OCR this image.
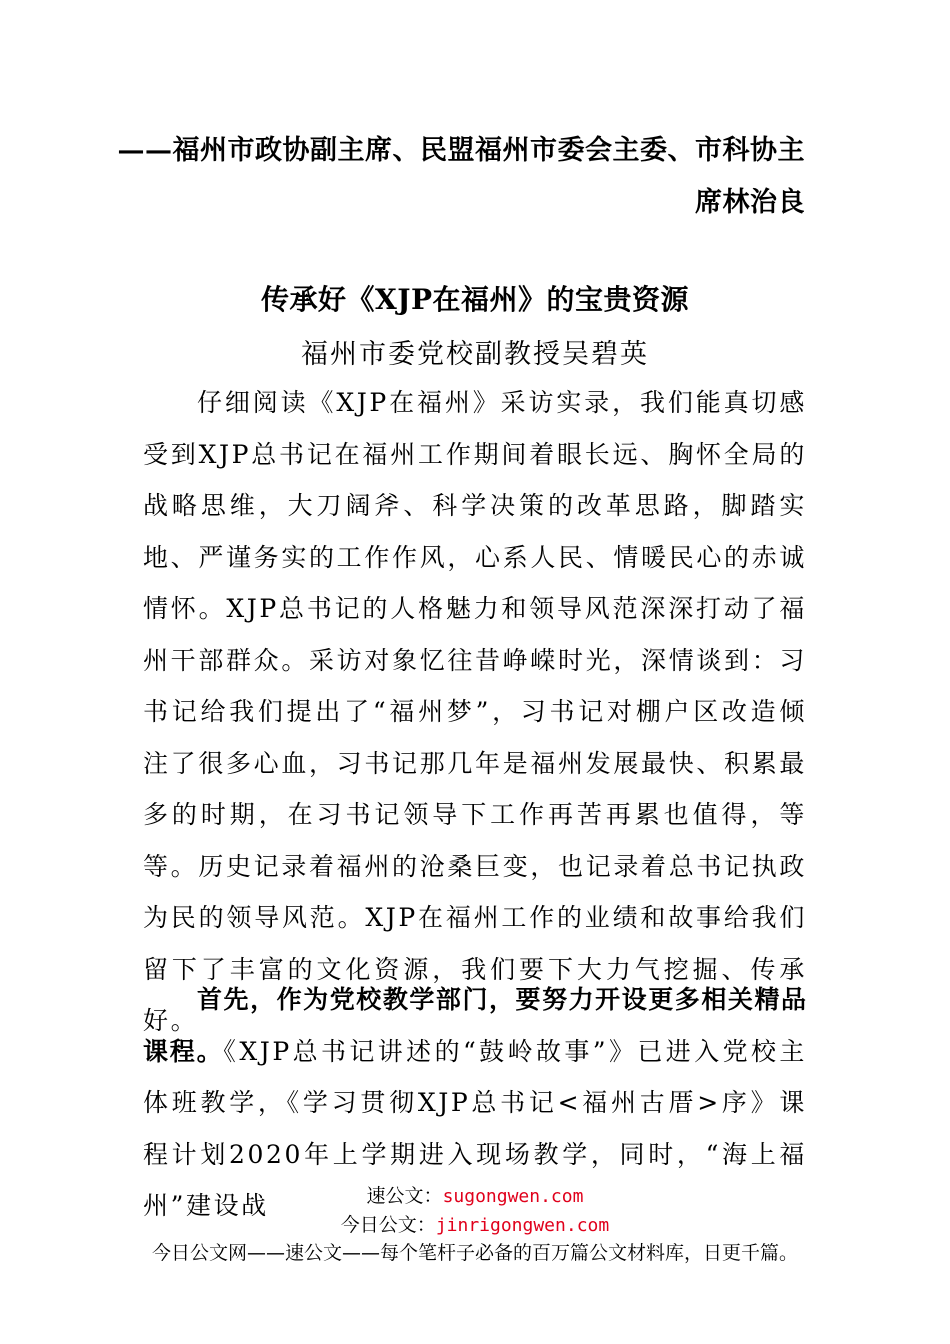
——福州市政协副主席、民盟福州市委会主委、市科协主
席林治良
传承好《XJP在福州》的宝贵资源
福州市委党校副教授吴碧英

仔细阅读《XJP在福州》采访实录，我们能真切感受到XJP总书记在福州工作期间着眼长远、胸怀全局的战略思维，大刀阔斧、科学决策的改革思路，脚踏实地、严谨务实的工作作风，心系人民、情暖民心的赤诚情怀。XJP总书记的人格魅力和领导风范深深打动了福州干部群众。采访对象忆往昔峥嵘时光，深情谈到：习书记给我们提出了“福州梦”，习书记对棚户区改造倾注了很多心血，习书记那几年是福州发展最快、积累最多的时期，在习书记领导下工作再苦再累也值得，等等。历史记录着福州的沧桑巨变，也记录着总书记执政为民的领导风范。XJP在福州工作的业绩和故事给我们留下了丰富的文化资源，我们要下大力气挖掘、传承好。

首先，作为党校教学部门，要努力开设更多相关精品课程。《XJP总书记讲述的“鼓岭故事”》已进入党校主体班教学，《学习贯彻XJP总书记<福州古厝>序》课程计划2020年上学期进入现场教学，同时，“海上福州”建设战	速公文：sugongwen.com
今日公文：jinrigongwen.com
今日公文网——速公文——每个笔杆子必备的百万篇公文材料库，日更千篇。
